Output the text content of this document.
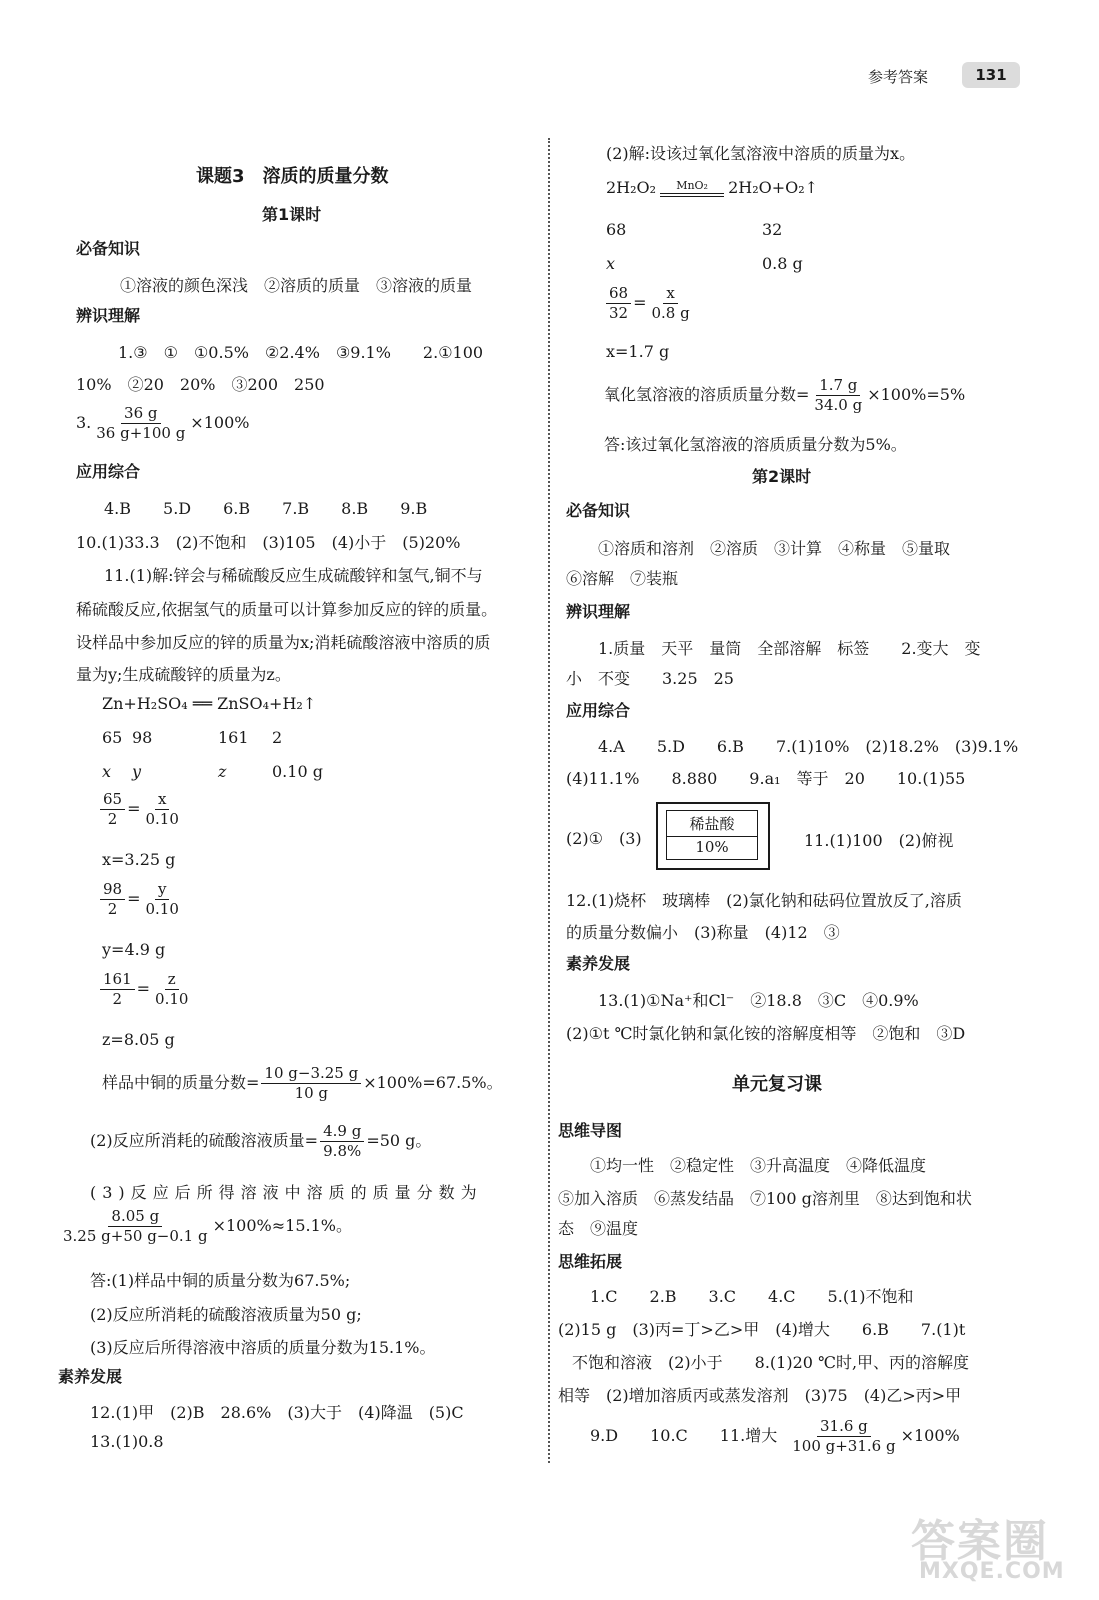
参考答案	131
课题3　溶质的质量分数
第1课时
必备知识
①溶液的颜色深浅　②溶质的质量　③溶液的质量
辨识理解
1.③　①　①0.5%　②2.4%　③9.1%　　2.①100
10%　②20　20%　③200　250
3. $\frac{36 g}{36 g+100 g} \times 100\%$
应用综合
4.B　　5.D　　6.B　　7.B　　8.B　　9.B
10.(1)33.3　(2)不饱和　(3)105　(4)小于　(5)20%
11.(1)解:锌会与稀硫酸反应生成硫酸锌和氢气,铜不与
稀硫酸反应,依据氢气的质量可以计算参加反应的锌的质量。
设样品中参加反应的锌的质量为x;消耗硫酸溶液中溶质的质
量为y;生成硫酸锌的质量为z。
Zn+H₂SO₄ ══ ZnSO₄+H₂↑
65 98	161 2
x y	z	0.10 g
$\frac{65}{2} = \frac{x}{0.10}$
x=3.25 g
$\frac{98}{2} = \frac{y}{0.10}$
y=4.9 g
$\frac{161}{2} = \frac{z}{0.10}$
z=8.05 g
样品中铜的质量分数= $\frac{10 g-3.25 g}{10 g} \times 100\%=67.5\%$。
(2)反应所消耗的硫酸溶液质量= $\frac{4.9 g}{9.8\%} =50$ g。
(3)反应后所得溶液中溶质的质量分数为
$\frac{8.05 g}{3.25 g+50 g-0.1 g} \times 100\%\approx 15.1\%$。
答:(1)样品中铜的质量分数为67.5%;
(2)反应所消耗的硫酸溶液质量为50 g;
(3)反应后所得溶液中溶质的质量分数为15.1%。
素养发展
12.(1)甲　(2)B　28.6%　(3)大于　(4)降温　(5)C
13.(1)0.8
(2)解:设该过氧化氢溶液中溶质的质量为x。
2H₂O₂ MnO₂ 2H₂O+O₂↑
68	32
x	0.8 g
$\frac{68}{32} = \frac{x}{0.8 g}$
x=1.7 g
氧化氢溶液的溶质质量分数= $\frac{1.7 g}{34.0 g} \times 100\%=5\%$
答:该过氧化氢溶液的溶质质量分数为5%。
第2课时
必备知识
①溶质和溶剂　②溶质　③计算　④称量　⑤量取
⑥溶解　⑦装瓶
辨识理解
1.质量　天平　量筒　全部溶解　标签　　2.变大　变
小　不变　　3.25　25
应用综合
4.A　　5.D　　6.B　　7.(1)10%　(2)18.2%　(3)9.1%
(4)11.1%　　8.880　　9.a₁　等于　20　　10.(1)55
(2)①　(3)
稀盐酸
10%	11.(1)100　(2)俯视
12.(1)烧杯　玻璃棒　(2)氯化钠和砝码位置放反了,溶质
的质量分数偏小　(3)称量　(4)12　③
素养发展
13.(1)①Na⁺和Cl⁻　②18.8　③C　④0.9%
(2)①t ℃时氯化钠和氯化铵的溶解度相等　②饱和　③D
单元复习课
思维导图
①均一性　②稳定性　③升高温度　④降低温度
⑤加入溶质　⑥蒸发结晶　⑦100 g溶剂里　⑧达到饱和状
态　⑨温度
思维拓展
1.C　　2.B　　3.C　　4.C　　5.(1)不饱和
(2)15 g　(3)丙=丁>乙>甲　(4)增大　　6.B　　7.(1)t
不饱和溶液　(2)小于　　8.(1)20 ℃时,甲、丙的溶解度
相等　(2)增加溶质丙或蒸发溶剂　(3)75　(4)乙>丙>甲
9.D　　10.C　　11.增大 $\frac{31.6 g}{100 g+31.6 g} \times 100\%$
答案圈
MXQE.COM
